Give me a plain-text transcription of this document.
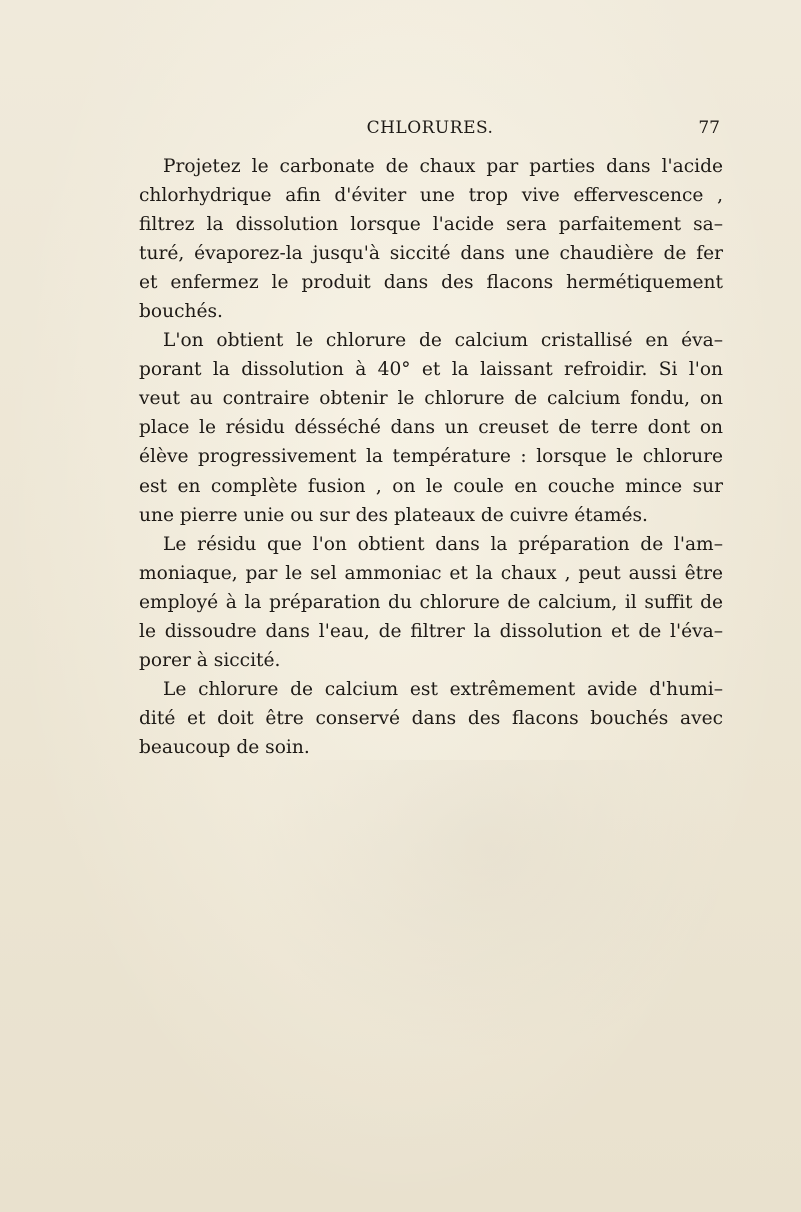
CHLORURES.	77
Projetez le carbonate de chaux par parties dans l'acide
chlorhydrique afin d'éviter une trop vive effervescence ,
filtrez la dissolution lorsque l'acide sera parfaitement sa–
turé, évaporez-la jusqu'à siccité dans une chaudière de fer
et enfermez le produit dans des flacons hermétiquement
bouchés.
L'on obtient le chlorure de calcium cristallisé en éva–
porant la dissolution à 40° et la laissant refroidir. Si l'on
veut au contraire obtenir le chlorure de calcium fondu, on
place le résidu désséché dans un creuset de terre dont on
élève progressivement la température : lorsque le chlorure
est en complète fusion , on le coule en couche mince sur
une pierre unie ou sur des plateaux de cuivre étamés.
Le résidu que l'on obtient dans la préparation de l'am–
moniaque, par le sel ammoniac et la chaux , peut aussi être
employé à la préparation du chlorure de calcium, il suffit de
le dissoudre dans l'eau, de filtrer la dissolution et de l'éva–
porer à siccité.
Le chlorure de calcium est extrêmement avide d'humi–
dité et doit être conservé dans des flacons bouchés avec
beaucoup de soin.
